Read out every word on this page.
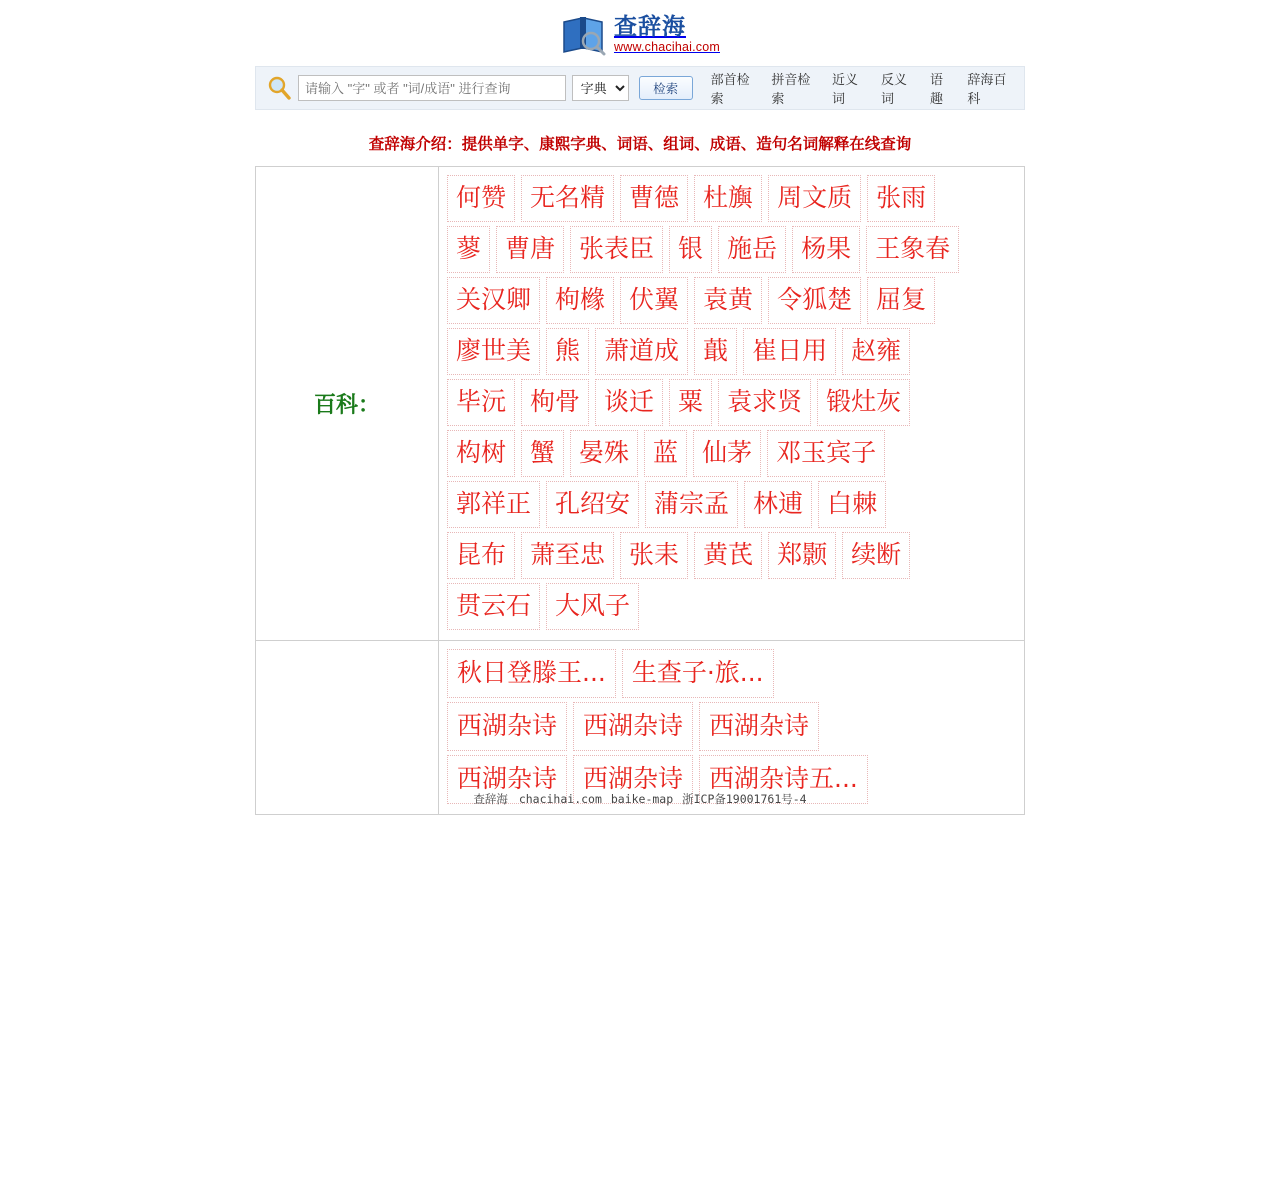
查辞海
www.chacihai.com
请输入 "字" 或者 "词/成语" 进行查询
字典
检索
部首检索
拼音检索
近义词
反义词
语趣
辞海百科
查辞海介绍：提供单字、康熙字典、词语、组词、成语、造句名词解释在线查询
百科：	
何赞 无名精 曹德 杜旟 周文质 张雨
蓼 曹唐 张表臣 银 施岳 杨果 王象春
关汉卿 枸橼 伏翼 袁黄 令狐楚 屈复
廖世美 熊 萧道成 蕺 崔日用 赵雍
毕沅 枸骨 谈迁 粟 袁求贤 锻灶灰
构树 蟹 晏殊 蓝 仙茅 邓玉宾子
郭祥正 孔绍安 蒲宗孟 林逋 白棘
昆布 萧至忠 张耒 黄芪 郑颢 续断
贯云石 大风子

秋日登滕王...	生查子·旅...
西湖杂诗	西湖杂诗	西湖杂诗
西湖杂诗	西湖杂诗	西湖杂诗五...
查辞海 chacihai.com baike-map 浙ICP备19001761号-4
